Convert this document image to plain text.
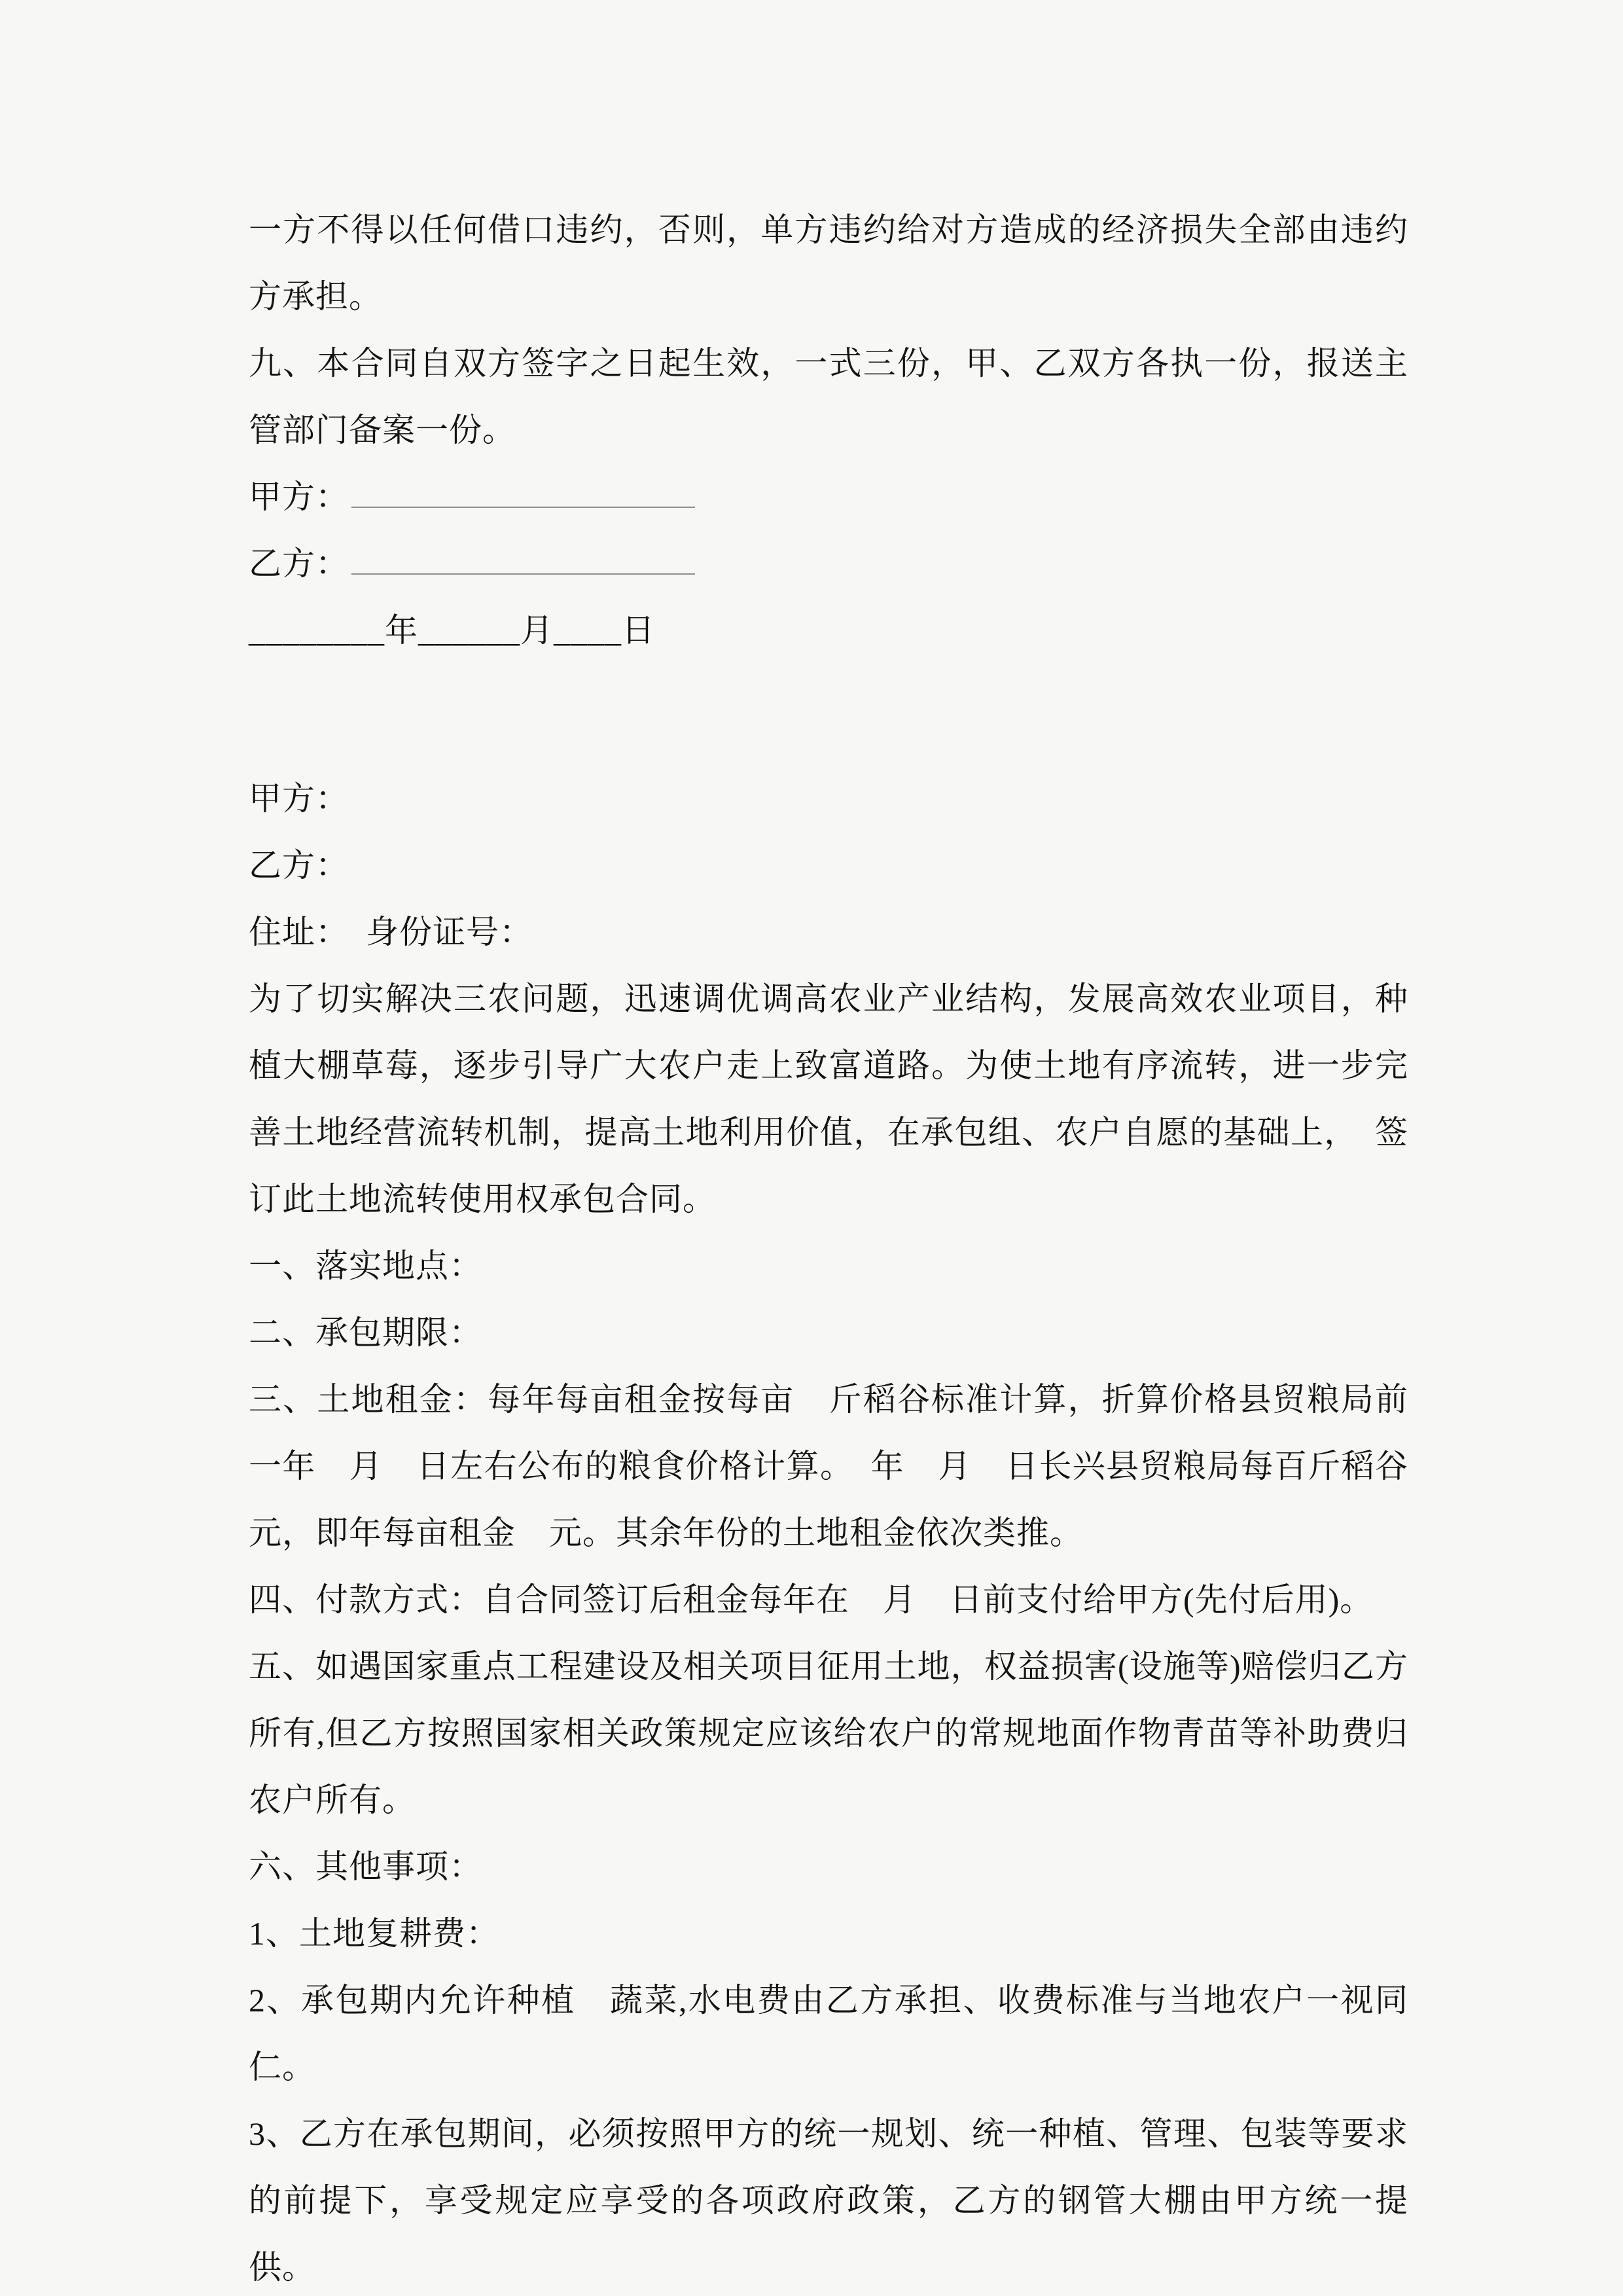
一方不得以任何借口违约，否则，单方违约给对方造成的经济损失全部由违约方承担。

九、本合同自双方签字之日起生效，一式三份，甲、乙双方各执一份，报送主管部门备案一份。

甲方：
乙方：

________年______月____日

甲方：

乙方：

住址：　身份证号：

为了切实解决三农问题，迅速调优调高农业产业结构，发展高效农业项目，种植大棚草莓，逐步引导广大农户走上致富道路。为使土地有序流转，进一步完善土地经营流转机制，提高土地利用价值，在承包组、农户自愿的基础上，　签订此土地流转使用权承包合同。

一、落实地点：

二、承包期限：

三、土地租金：每年每亩租金按每亩　斤稻谷标准计算，折算价格县贸粮局前一年　月　日左右公布的粮食价格计算。　年　月　日长兴县贸粮局每百斤稻谷　元，即年每亩租金　元。其余年份的土地租金依次类推。

四、付款方式：自合同签订后租金每年在　月　日前支付给甲方(先付后用)。

五、如遇国家重点工程建设及相关项目征用土地，权益损害(设施等)赔偿归乙方所有,但乙方按照国家相关政策规定应该给农户的常规地面作物青苗等补助费归农户所有。

六、其他事项：

1、土地复耕费：

2、承包期内允许种植　蔬菜,水电费由乙方承担、收费标准与当地农户一视同仁。

3、乙方在承包期间，必须按照甲方的统一规划、统一种植、管理、包装等要求的前提下，享受规定应享受的各项政府政策，乙方的钢管大棚由甲方统一提供。
